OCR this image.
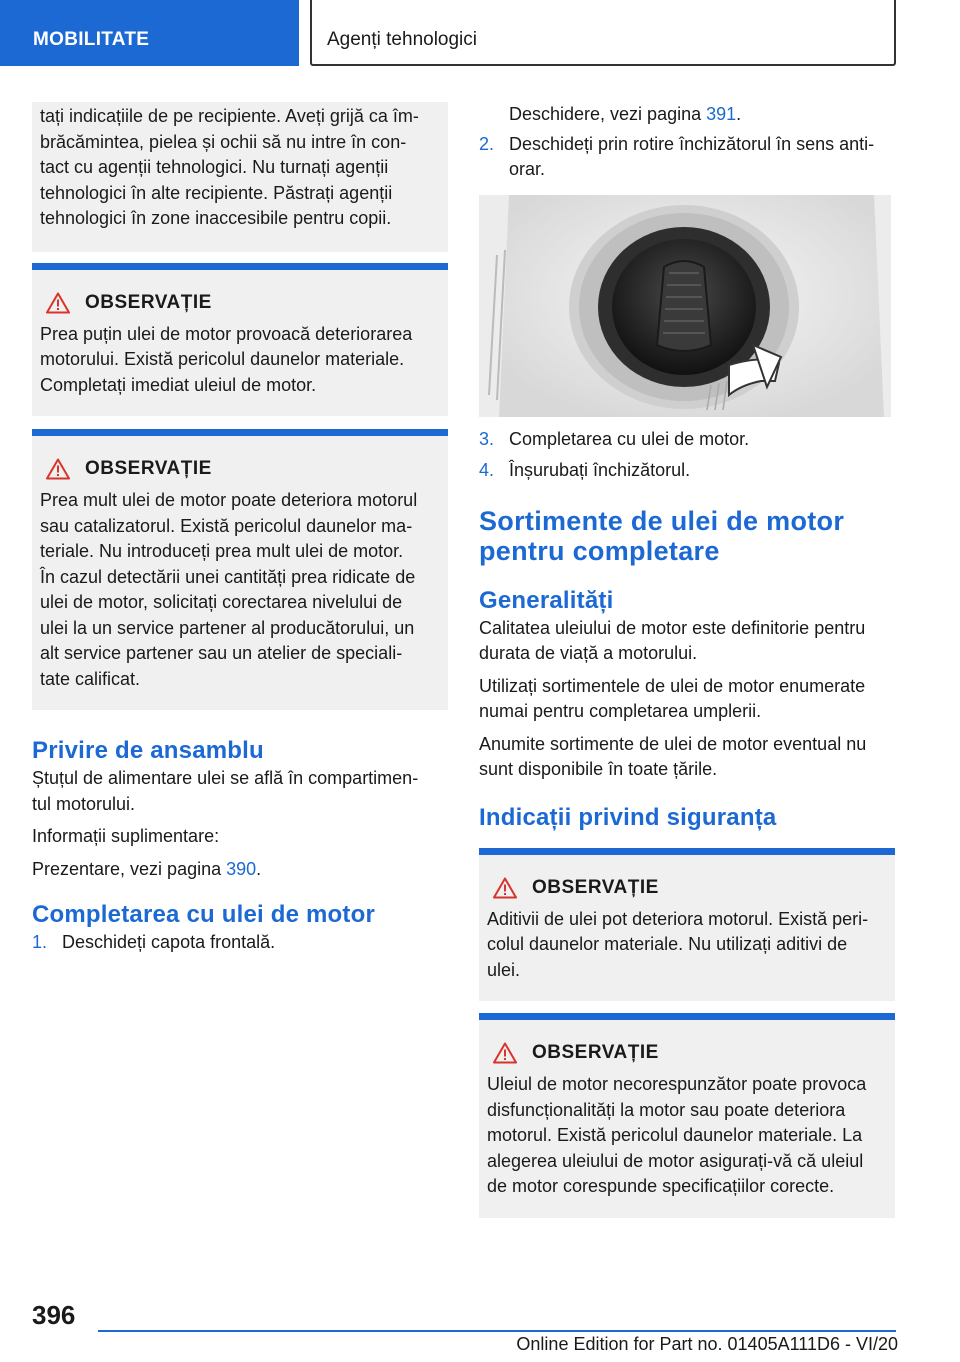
MOBILITATE	Agenți tehnologici

tați indicațiile de pe recipiente. Aveți grijă ca îm‐

brăcămintea, pielea și ochii să nu intre în con‐

tact cu agenții tehnologici. Nu turnați agenții

tehnologici în alte recipiente. Păstrați agenții

tehnologici în zone inaccesibile pentru copii.

OBSERVAȚIE

Prea puțin ulei de motor provoacă deteriorarea

motorului. Există pericolul daunelor materiale.

Completați imediat uleiul de motor.

OBSERVAȚIE

Prea mult ulei de motor poate deteriora motorul

sau catalizatorul. Există pericolul daunelor ma‐

teriale. Nu introduceți prea mult ulei de motor.

În cazul detectării unei cantități prea ridicate de

ulei de motor, solicitați corectarea nivelului de

ulei la un service partener al producătorului, un

alt service partener sau un atelier de speciali‐

tate calificat.

Privire de ansamblu

Ștuțul de alimentare ulei se află în compartimen‐

tul motorului.

Informații suplimentare:

Prezentare, vezi pagina 390.

Completarea cu ulei de motor
1. Deschideți capota frontală.
Deschidere, vezi pagina 391.
2. Deschideți prin rotire închizătorul în sens anti‐
orar.
3. Completarea cu ulei de motor.
4. Înșurubați închizătorul.
Sortimente de ulei de motor
pentru completare
Generalități

Calitatea uleiului de motor este definitorie pentru

durata de viață a motorului.

Utilizați sortimentele de ulei de motor enumerate

numai pentru completarea umplerii.

Anumite sortimente de ulei de motor eventual nu

sunt disponibile în toate țările.

Indicații privind siguranța
OBSERVAȚIE

Aditivii de ulei pot deteriora motorul. Există peri‐

colul daunelor materiale. Nu utilizați aditivi de

ulei.

OBSERVAȚIE

Uleiul de motor necorespunzător poate provoca

disfuncționalități la motor sau poate deteriora

motorul. Există pericolul daunelor materiale. La

alegerea uleiului de motor asigurați-vă că uleiul

de motor corespunde specificațiilor corecte.

396
Online Edition for Part no. 01405A111D6 - VI/20
